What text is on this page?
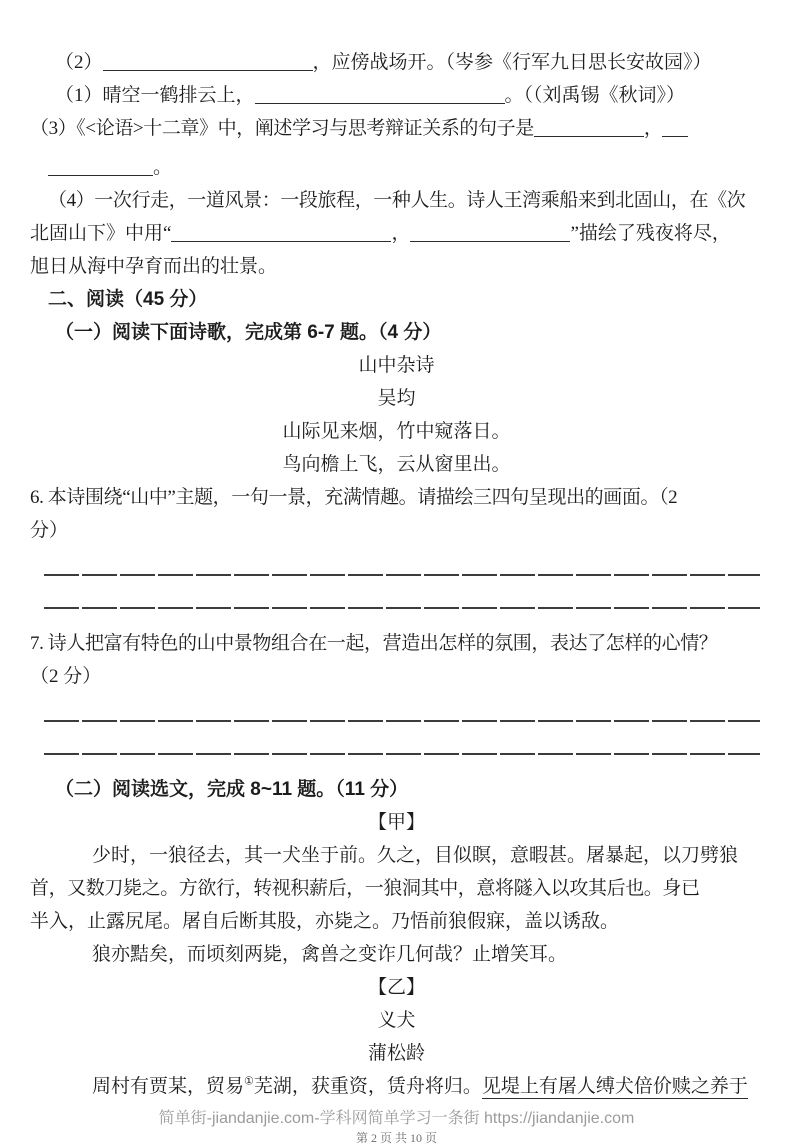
（2）	，应傍战场开。（岑参《行军九日思长安故园》）
（1）晴空一鹤排云上，	。（（刘禹锡《秋词》）
（3）《<论语>十二章》中，阐述学习与思考辩证关系的句子是	，
。
（4）一次行走，一道风景：一段旅程，一种人生。诗人王湾乘船来到北固山，在《次
北固山下》中用“	，	”描绘了残夜将尽，
旭日从海中孕育而出的壮景。
二、阅读（45 分）
（一）阅读下面诗歌，完成第 6-7 题。（4 分）
山中杂诗
吴均
山际见来烟，竹中窥落日。
鸟向檐上飞，云从窗里出。
6. 本诗围绕“山中”主题，一句一景，充满情趣。请描绘三四句呈现出的画面。（2
分）
7. 诗人把富有特色的山中景物组合在一起，营造出怎样的氛围，表达了怎样的心情？
（2 分）
（二）阅读选文，完成 8~11 题。（11 分）
【甲】
少时，一狼径去，其一犬坐于前。久之，目似瞑，意暇甚。屠暴起，以刀劈狼
首，又数刀毙之。方欲行，转视积薪后，一狼洞其中，意将隧入以攻其后也。身已
半入，止露尻尾。屠自后断其股，亦毙之。乃悟前狼假寐，盖以诱敌。
狼亦黠矣，而顷刻两毙，禽兽之变诈几何哉？止增笑耳。
【乙】
义犬
蒲松龄
周村有贾某，贸易①芜湖，获重资，赁舟将归。见堤上有屠人缚犬倍价赎之养于
简单街-jiandanjie.com-学科网简单学习一条街 https://jiandanjie.com
第 2 页 共 10 页
